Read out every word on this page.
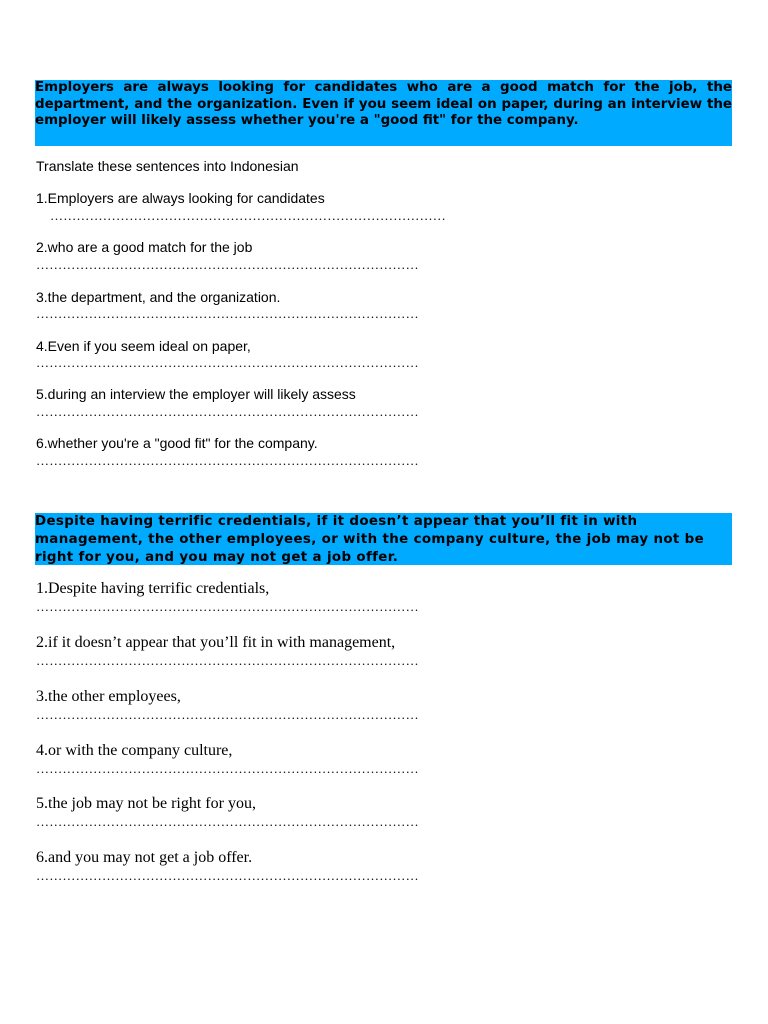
Employers are always looking for candidates who are a good match for the job, the department, and the organization. Even if you seem ideal on paper, during an interview the employer will likely assess whether you're a "good fit" for the company.
Translate these sentences into Indonesian
1.Employers are always looking for candidates
………………………………………………………………………………
2.who are a good match for the job
……………………………………………………………………………
3.the department, and the organization.
……………………………………………………………………………
4.Even if you seem ideal on paper,
……………………………………………………………………………
5.during an interview the employer will likely assess
……………………………………………………………………………
6.whether you're a "good fit" for the company.
……………………………………………………………………………
Despite having terrific credentials, if it doesn’t appear that you’ll fit in with management, the other employees, or with the company culture, the job may not be right for you, and you may not get a job offer.
1.Despite having terrific credentials,
……………………………………………………………………………
2.if it doesn’t appear that you’ll fit in with management,
……………………………………………………………………………
3.the other employees,
……………………………………………………………………………
4.or with the company culture,
……………………………………………………………………………
5.the job may not be right for you,
……………………………………………………………………………
6.and you may not get a job offer.
……………………………………………………………………………
